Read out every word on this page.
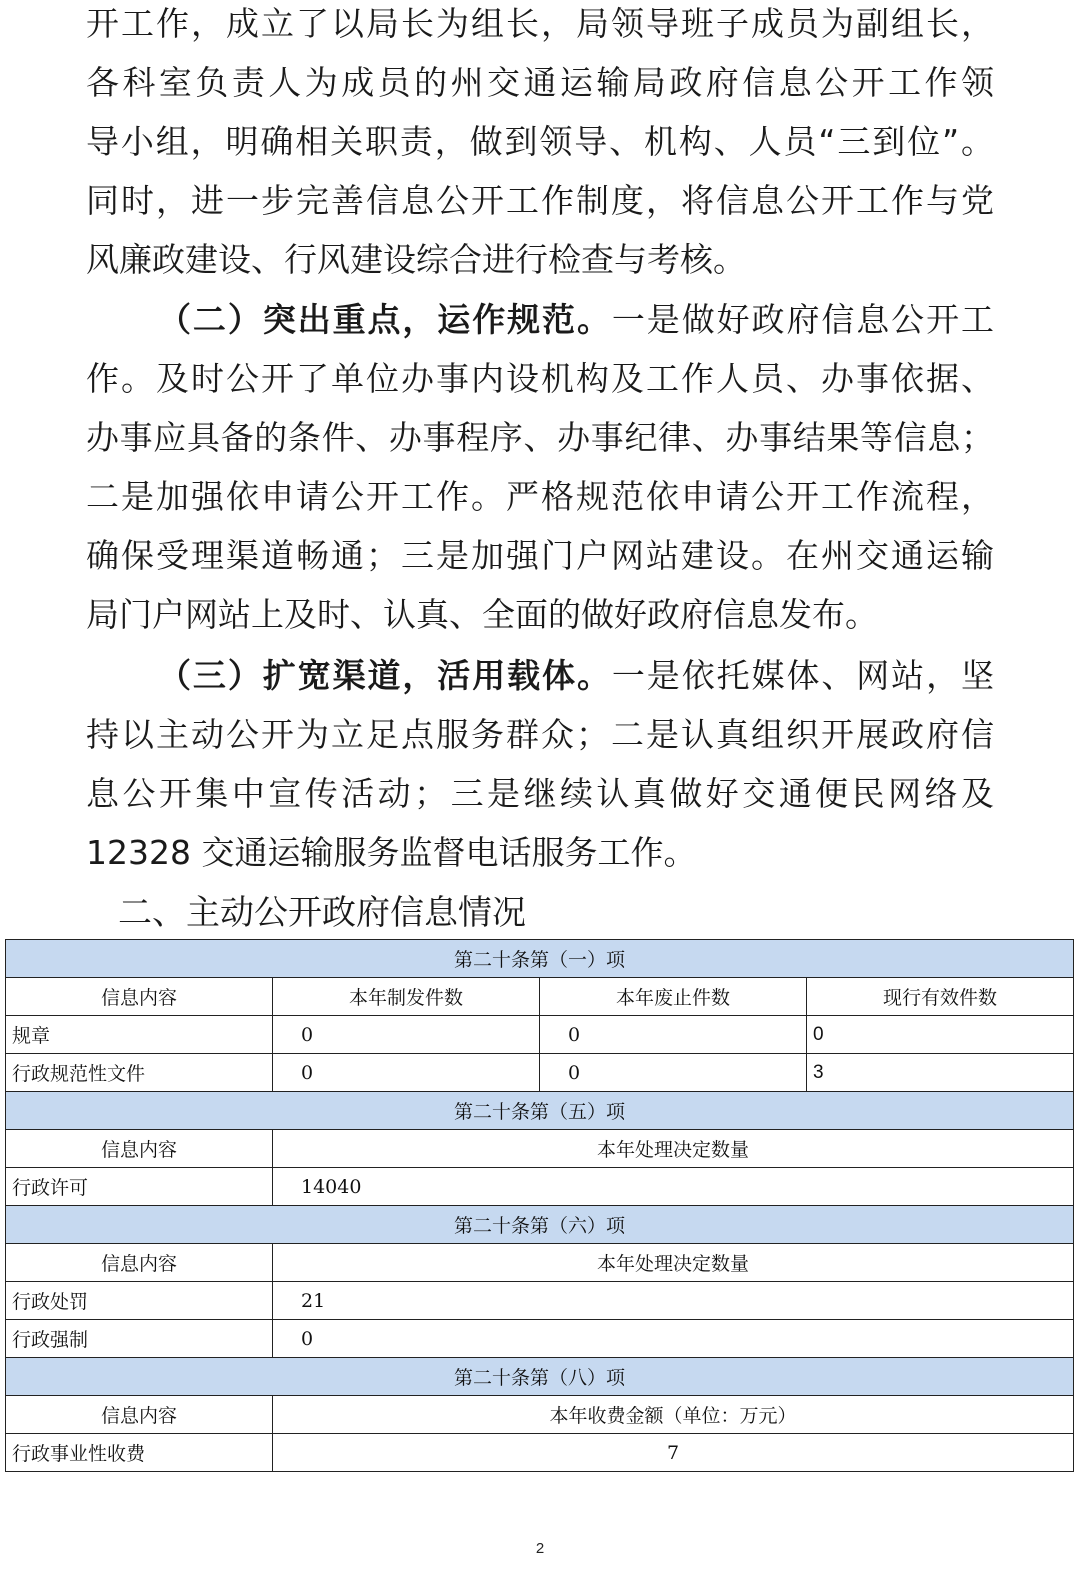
开工作，成立了以局长为组长，局领导班子成员为副组长，
各科室负责人为成员的州交通运输局政府信息公开工作领
导小组，明确相关职责，做到领导、机构、人员“三到位”。
同时，进一步完善信息公开工作制度，将信息公开工作与党
风廉政建设、行风建设综合进行检查与考核。
（二）突出重点，运作规范。一是做好政府信息公开工
作。及时公开了单位办事内设机构及工作人员、办事依据、
办事应具备的条件、办事程序、办事纪律、办事结果等信息；
二是加强依申请公开工作。严格规范依申请公开工作流程，
确保受理渠道畅通；三是加强门户网站建设。在州交通运输
局门户网站上及时、认真、全面的做好政府信息发布。
（三）扩宽渠道，活用载体。一是依托媒体、网站，坚
持以主动公开为立足点服务群众；二是认真组织开展政府信
息公开集中宣传活动；三是继续认真做好交通便民网络及
12328 交通运输服务监督电话服务工作。
二、主动公开政府信息情况
第二十条第（一）项			
信息内容	本年制发件数	本年废止件数	现行有效件数
规章	0	0	0
行政规范性文件	0	0	3
第二十条第（五）项			
信息内容	本年处理决定数量		
行政许可	14040		
第二十条第（六）项			
信息内容	本年处理决定数量		
行政处罚	21		
行政强制	0		
第二十条第（八）项			
信息内容	本年收费金额（单位：万元）		
行政事业性收费	7		
2
